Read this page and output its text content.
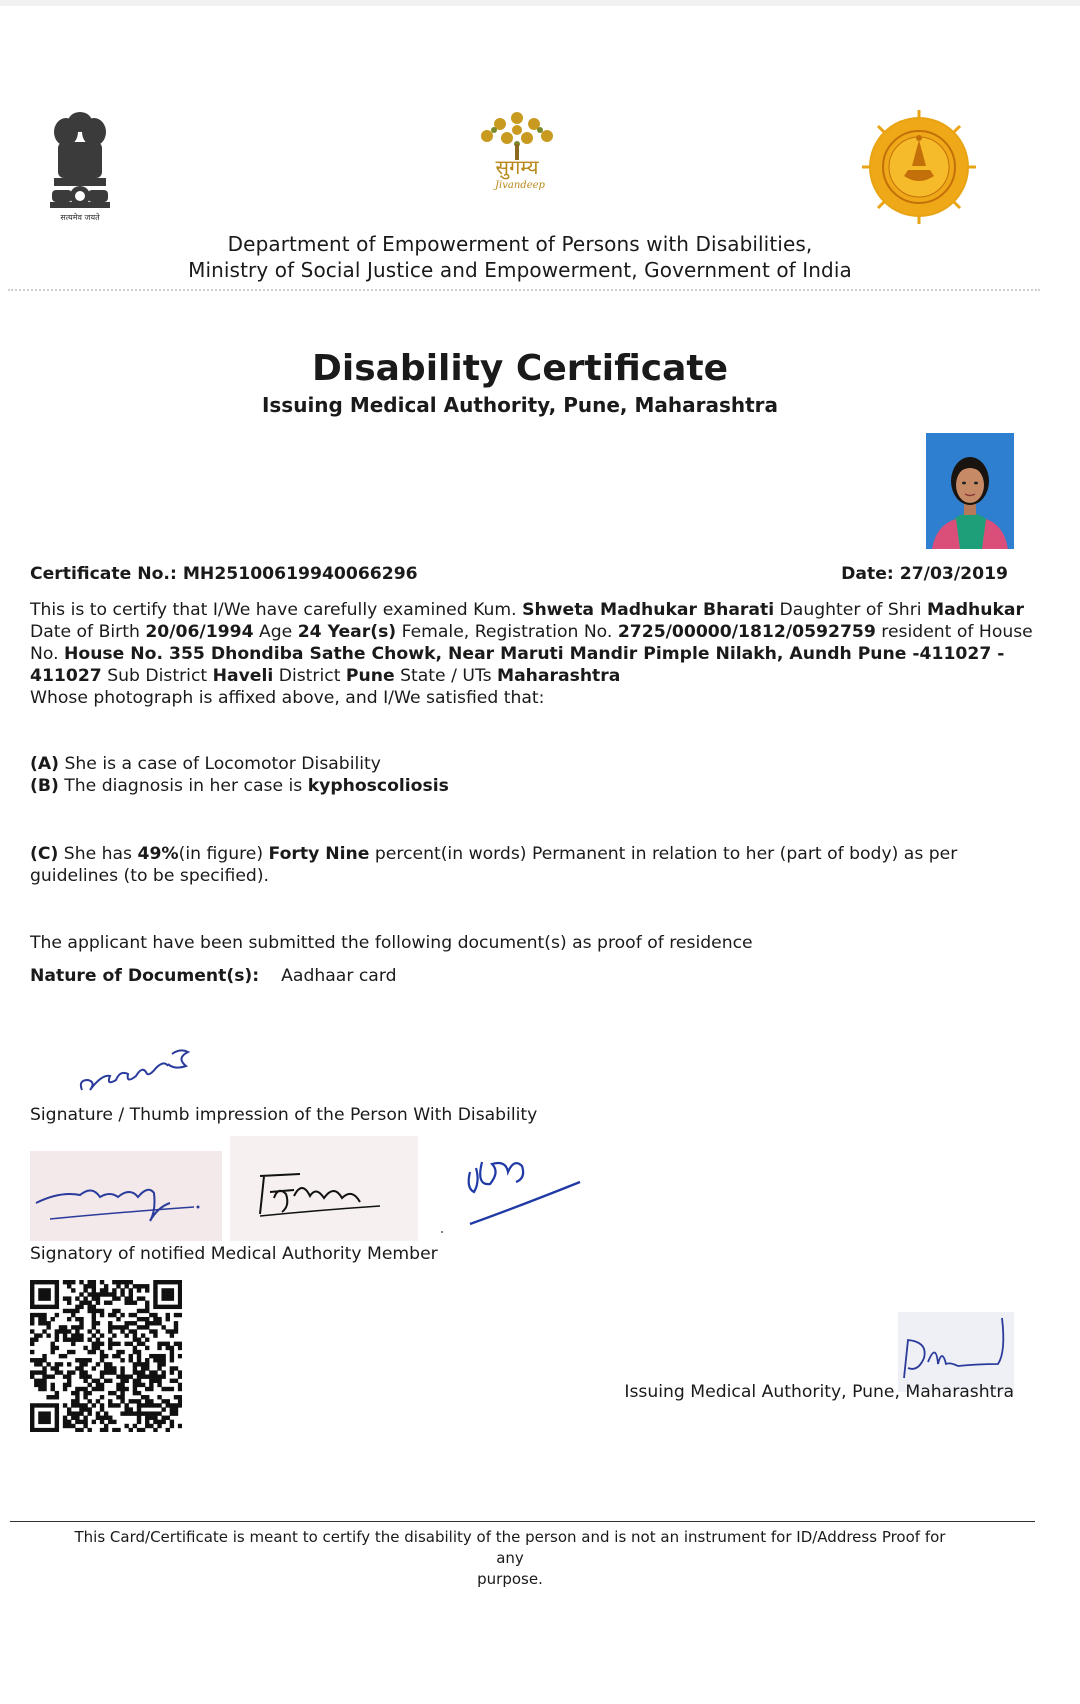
सत्यमेव जयते
सुगम्य
Jivandeep
Department of Empowerment of Persons with Disabilities,
Ministry of Social Justice and Empowerment, Government of India
Disability Certificate
Issuing Medical Authority, Pune, Maharashtra
Certificate No.: MH25100619940066296	Date: 27/03/2019
This is to certify that I/We have carefully examined Kum. Shweta Madhukar Bharati Daughter of Shri Madhukar
Date of Birth 20/06/1994 Age 24 Year(s) Female, Registration No. 2725/00000/1812/0592759 resident of House
No. House No. 355 Dhondiba Sathe Chowk, Near Maruti Mandir Pimple Nilakh, Aundh Pune -411027 -
411027 Sub District Haveli District Pune State / UTs Maharashtra
Whose photograph is affixed above, and I/We satisfied that:
(A) She is a case of Locomotor Disability
(B) The diagnosis in her case is kyphoscoliosis
(C) She has 49%(in figure) Forty Nine percent(in words) Permanent in relation to her (part of body) as per
guidelines (to be specified).
The applicant have been submitted the following document(s) as proof of residence
Nature of Document(s): Aadhaar card
Signature / Thumb impression of the Person With Disability
Signatory of notified Medical Authority Member
Issuing Medical Authority, Pune, Maharashtra
This Card/Certificate is meant to certify the disability of the person and is not an instrument for ID/Address Proof for any
purpose.
